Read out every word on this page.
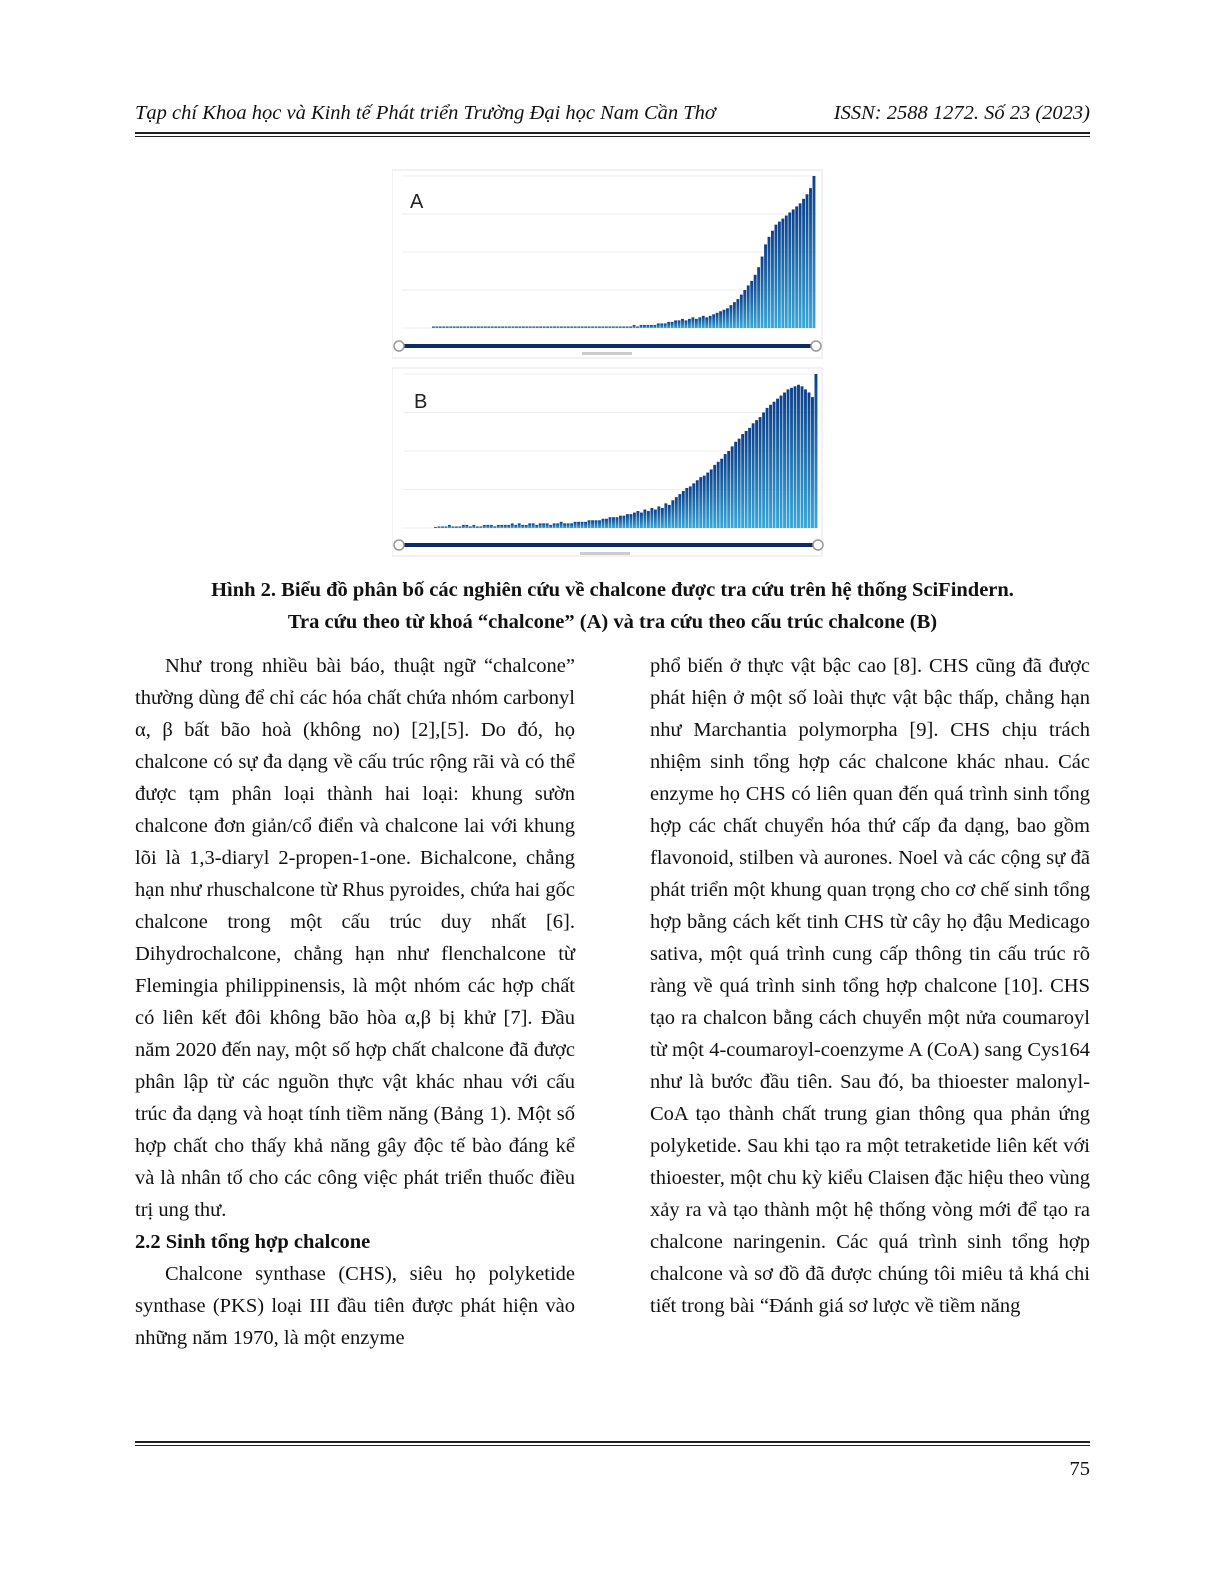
Tạp chí Khoa học và Kinh tế Phát triển Trường Đại học Nam Cần Thơ	ISSN: 2588 1272. Số 23 (2023)
A
B
Hình 2. Biểu đồ phân bố các nghiên cứu về chalcone được tra cứu trên hệ thống SciFindern.
Tra cứu theo từ khoá “chalcone” (A) và tra cứu theo cấu trúc chalcone (B)

Như trong nhiều bài báo, thuật ngữ “chalcone” thường dùng để chỉ các hóa chất chứa nhóm carbonyl α, β bất bão hoà (không no) [2],[5]. Do đó, họ chalcone có sự đa dạng về cấu trúc rộng rãi và có thể được tạm phân loại thành hai loại: khung sườn chalcone đơn giản/cổ điển và chalcone lai với khung lõi là 1,3-diaryl 2-propen-1-one. Bichalcone, chẳng hạn như rhuschalcone từ Rhus pyroides, chứa hai gốc chalcone trong một cấu trúc duy nhất [6]. Dihydrochalcone, chẳng hạn như flenchalcone từ Flemingia philippinensis, là một nhóm các hợp chất có liên kết đôi không bão hòa α,β bị khử [7]. Đầu năm 2020 đến nay, một số hợp chất chalcone đã được phân lập từ các nguồn thực vật khác nhau với cấu trúc đa dạng và hoạt tính tiềm năng (Bảng 1). Một số hợp chất cho thấy khả năng gây độc tế bào đáng kể và là nhân tố cho các công việc phát triển thuốc điều trị ung thư.

2.2 Sinh tổng hợp chalcone

Chalcone synthase (CHS), siêu họ polyketide synthase (PKS) loại III đầu tiên được phát hiện vào những năm 1970, là một enzyme

phổ biến ở thực vật bậc cao [8]. CHS cũng đã được phát hiện ở một số loài thực vật bậc thấp, chẳng hạn như Marchantia polymorpha [9]. CHS chịu trách nhiệm sinh tổng hợp các chalcone khác nhau. Các enzyme họ CHS có liên quan đến quá trình sinh tổng hợp các chất chuyển hóa thứ cấp đa dạng, bao gồm flavonoid, stilben và aurones. Noel và các cộng sự đã phát triển một khung quan trọng cho cơ chế sinh tổng hợp bằng cách kết tinh CHS từ cây họ đậu Medicago sativa, một quá trình cung cấp thông tin cấu trúc rõ ràng về quá trình sinh tổng hợp chalcone [10]. CHS tạo ra chalcon bằng cách chuyển một nửa coumaroyl từ một 4-coumaroyl-coenzyme A (CoA) sang Cys164 như là bước đầu tiên. Sau đó, ba thioester malonyl-CoA tạo thành chất trung gian thông qua phản ứng polyketide. Sau khi tạo ra một tetraketide liên kết với thioester, một chu kỳ kiểu Claisen đặc hiệu theo vùng xảy ra và tạo thành một hệ thống vòng mới để tạo ra chalcone naringenin. Các quá trình sinh tổng hợp chalcone và sơ đồ đã được chúng tôi miêu tả khá chi tiết trong bài “Đánh giá sơ lược về tiềm năng

75
